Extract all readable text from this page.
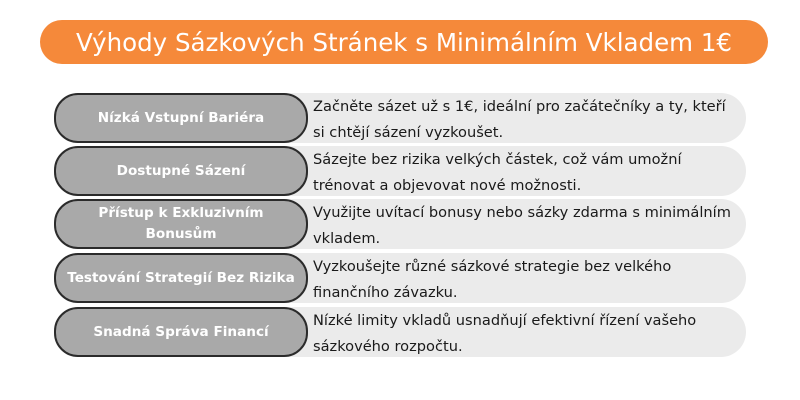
Výhody Sázkových Stránek s Minimálním Vkladem 1€
Nízká Vstupní Bariéra
Začněte sázet už s 1€, ideální pro začátečníky a ty, kteří si chtějí sázení vyzkoušet.
Dostupné Sázení
Sázejte bez rizika velkých částek, což vám umožní trénovat a objevovat nové možnosti.
Přístup k Exkluzivním Bonusům
Využijte uvítací bonusy nebo sázky zdarma s minimálním vkladem.
Testování Strategií Bez Rizika
Vyzkoušejte různé sázkové strategie bez velkého finančního závazku.
Snadná Správa Financí
Nízké limity vkladů usnadňují efektivní řízení vašeho sázkového rozpočtu.
